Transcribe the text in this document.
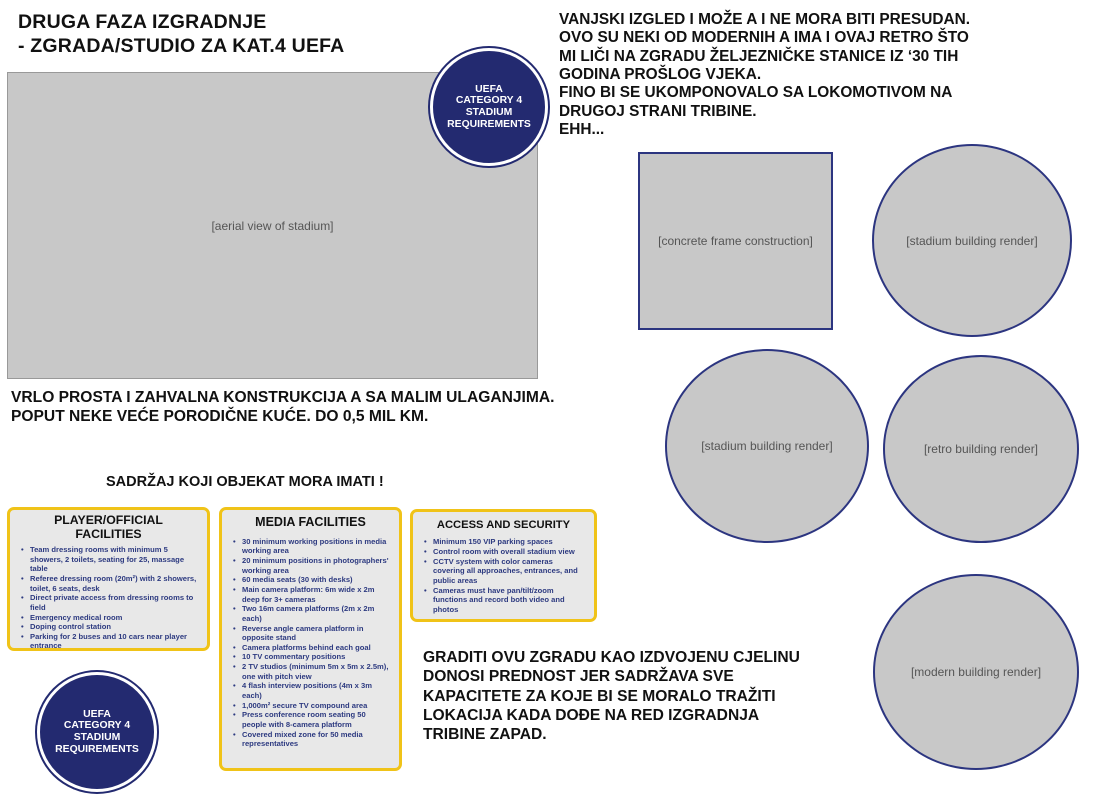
DRUGA FAZA IZGRADNJE
- ZGRADA/STUDIO ZA KAT.4 UEFA
[aerial view of stadium]
UEFA
CATEGORY 4
STADIUM
REQUIREMENTS
VANJSKI IZGLED I MOŽE A I NE MORA BITI PRESUDAN.
OVO SU NEKI OD MODERNIH A IMA I OVAJ RETRO ŠTO
MI LIČI NA ZGRADU ŽELJEZNIČKE STANICE IZ ‘30 TIH
GODINA PROŠLOG VJEKA.
FINO BI SE UKOMPONOVALO SA LOKOMOTIVOM NA
DRUGOJ STRANI TRIBINE.
EHH...
[concrete frame construction]	[stadium building render]
[stadium building render]	[retro building render]
[modern building render]
VRLO PROSTA I ZAHVALNA KONSTRUKCIJA A SA MALIM ULAGANJIMA.
POPUT NEKE VEĆE PORODIČNE KUĆE. DO 0,5 MIL KM.
SADRŽAJ KOJI OBJEKAT MORA IMATI !
PLAYER/OFFICIAL FACILITIES
• Team dressing rooms with minimum 5 showers, 2 toilets, seating for 25, massage table
• Referee dressing room (20m²) with 2 showers, toilet, 6 seats, desk
• Direct private access from dressing rooms to field
• Emergency medical room
• Doping control station
• Parking for 2 buses and 10 cars near player entrance
UEFA
CATEGORY 4
STADIUM
REQUIREMENTS
MEDIA FACILITIES
• 30 minimum working positions in media working area
• 20 minimum positions in photographers' working area
• 60 media seats (30 with desks)
• Main camera platform: 6m wide x 2m deep for 3+ cameras
• Two 16m camera platforms (2m x 2m each)
• Reverse angle camera platform in opposite stand
• Camera platforms behind each goal
• 10 TV commentary positions
• 2 TV studios (minimum 5m x 5m x 2.5m), one with pitch view
• 4 flash interview positions (4m x 3m each)
• 1,000m² secure TV compound area
• Press conference room seating 50 people with 8-camera platform
• Covered mixed zone for 50 media representatives
ACCESS AND SECURITY
• Minimum 150 VIP parking spaces
• Control room with overall stadium view
• CCTV system with color cameras covering all approaches, entrances, and public areas
• Cameras must have pan/tilt/zoom functions and record both video and photos
GRADITI OVU ZGRADU KAO IZDVOJENU CJELINU
DONOSI PREDNOST JER SADRŽAVA SVE
KAPACITETE ZA KOJE BI SE MORALO TRAŽITI
LOKACIJA KADA DOĐE NA RED IZGRADNJA
TRIBINE ZAPAD.
